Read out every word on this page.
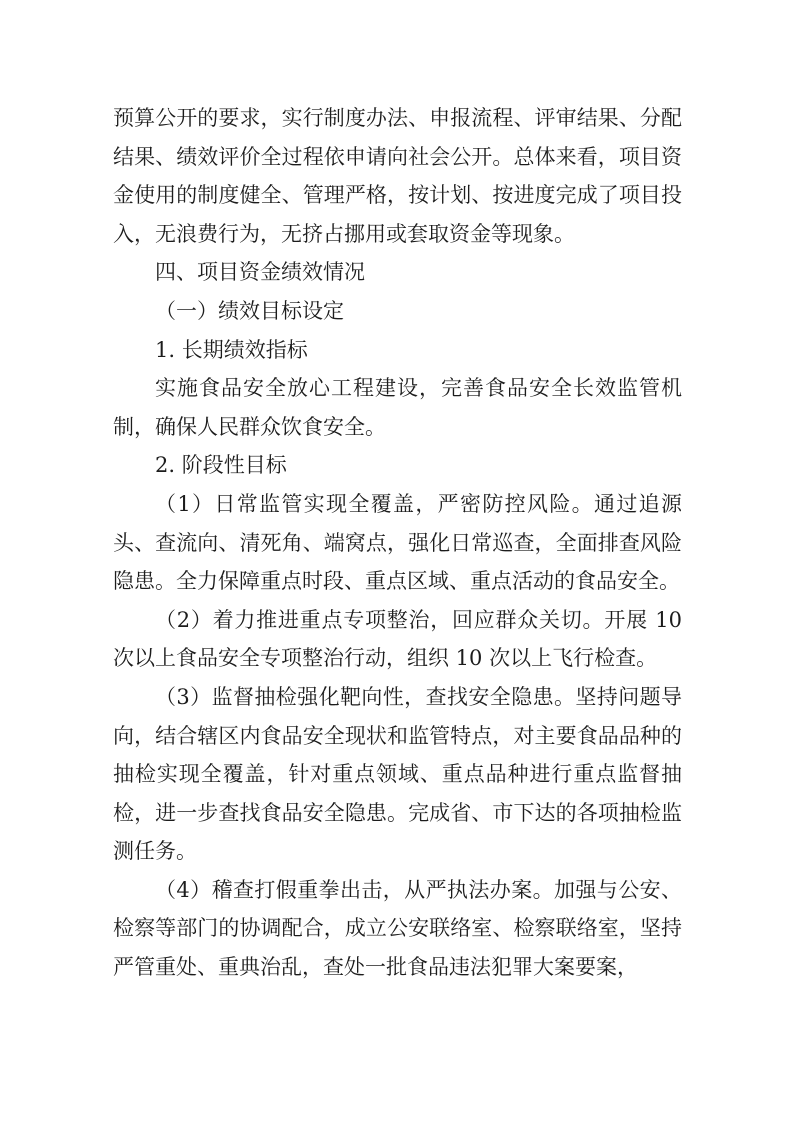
预算公开的要求，实行制度办法、申报流程、评审结果、分配结果、绩效评价全过程依申请向社会公开。总体来看，项目资金使用的制度健全、管理严格，按计划、按进度完成了项目投入，无浪费行为，无挤占挪用或套取资金等现象。

四、项目资金绩效情况
（一）绩效目标设定
1. 长期绩效指标

实施食品安全放心工程建设，完善食品安全长效监管机制，确保人民群众饮食安全。

2. 阶段性目标

（1）日常监管实现全覆盖，严密防控风险。通过追源头、查流向、清死角、端窝点，强化日常巡查，全面排查风险隐患。全力保障重点时段、重点区域、重点活动的食品安全。

（2）着力推进重点专项整治，回应群众关切。开展 10 次以上食品安全专项整治行动，组织 10 次以上飞行检查。

（3）监督抽检强化靶向性，查找安全隐患。坚持问题导向，结合辖区内食品安全现状和监管特点，对主要食品品种的抽检实现全覆盖，针对重点领域、重点品种进行重点监督抽检，进一步查找食品安全隐患。完成省、市下达的各项抽检监测任务。

（4）稽查打假重拳出击，从严执法办案。加强与公安、检察等部门的协调配合，成立公安联络室、检察联络室，坚持严管重处、重典治乱，查处一批食品违法犯罪大案要案，
